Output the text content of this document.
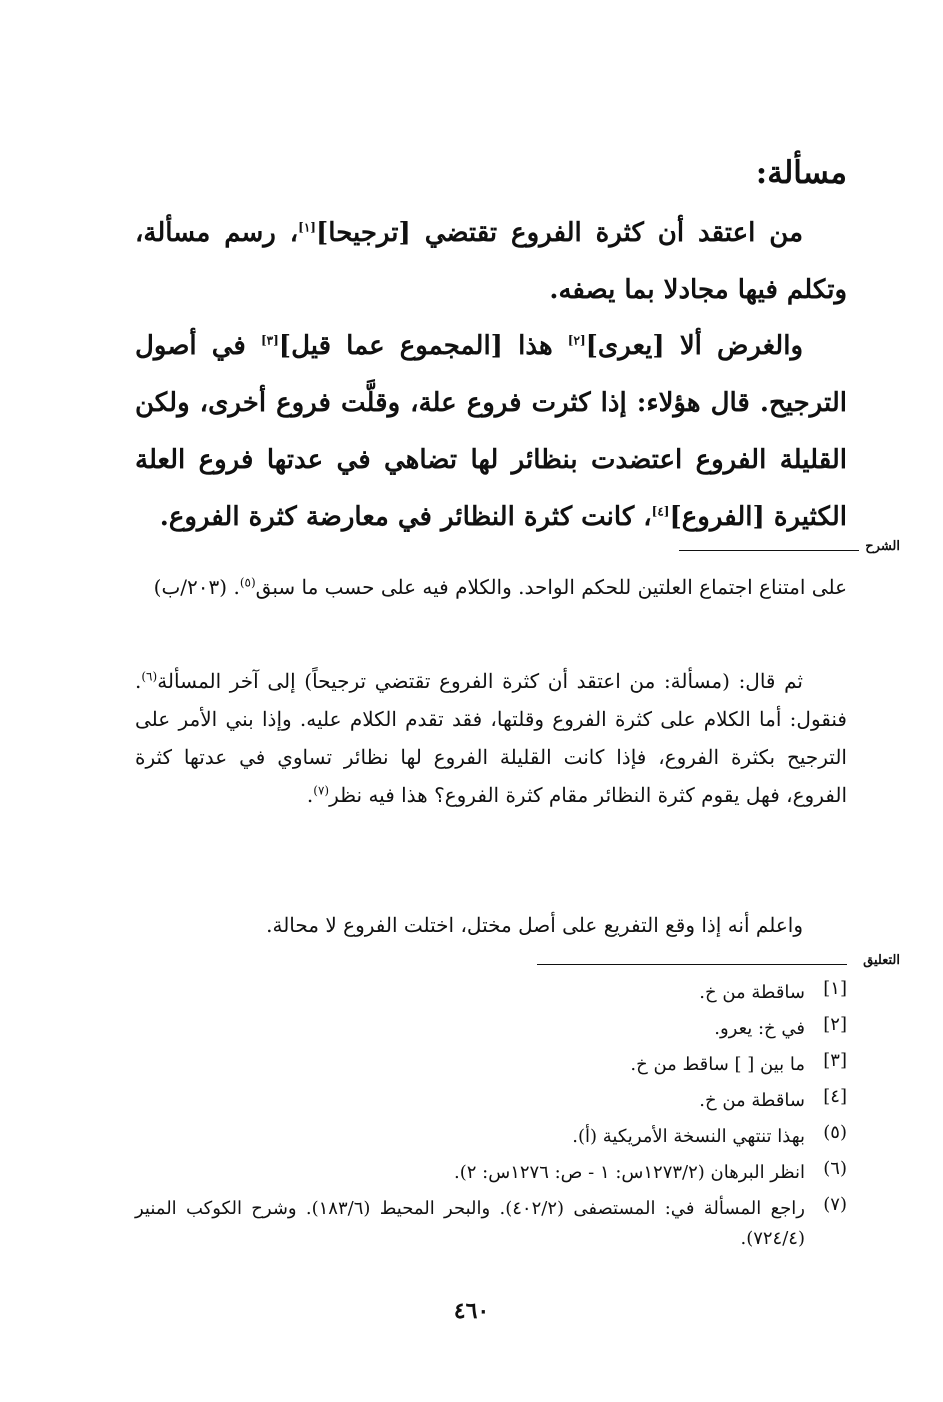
مسألة:

من اعتقد أن كثرة الفروع تقتضي [ترجيحا][١]، رسم مسألة، وتكلم فيها مجادلا بما يصفه.

والغرض ألا [يعرى][٢] هذا [المجموع عما قيل][٣] في أصول الترجيح. قال هؤلاء: إذا كثرت فروع علة، وقلَّت فروع أخرى، ولكن القليلة الفروع اعتضدت بنظائر لها تضاهي في عدتها فروع العلة الكثيرة [الفروع][٤]، كانت كثرة النظائر في معارضة كثرة الفروع.

الشرح

على امتناع اجتماع العلتين للحكم الواحد. والكلام فيه على حسب ما سبق$^{(٥)}$. (٢٠٣/ب)

ثم قال: (مسألة: من اعتقد أن كثرة الفروع تقتضي ترجيحاً) إلى آخر المسألة$^{(٦)}$. فنقول: أما الكلام على كثرة الفروع وقلتها، فقد تقدم الكلام عليه. وإذا بني الأمر على الترجيح بكثرة الفروع، فإذا كانت القليلة الفروع لها نظائر تساوي في عدتها كثرة الفروع، فهل يقوم كثرة النظائر مقام كثرة الفروع؟ هذا فيه نظر$^{(٧)}$.

واعلم أنه إذا وقع التفريع على أصل مختل، اختلت الفروع لا محالة.

التعليق
[١]
ساقطة من خ.
[٢]
في خ: يعرو.
[٣]
ما بين [ ] ساقط من خ.
[٤]
ساقطة من خ.
(٥)
بهذا تنتهي النسخة الأمريكية (أ).
(٦)
انظر البرهان (١٢٧٣/٢س: ١ - ص: ١٢٧٦س: ٢).
(٧)
راجع المسألة في: المستصفى (٤٠٢/٢). والبحر المحيط (١٨٣/٦). وشرح الكوكب المنير (٧٢٤/٤).
٤٦٠
